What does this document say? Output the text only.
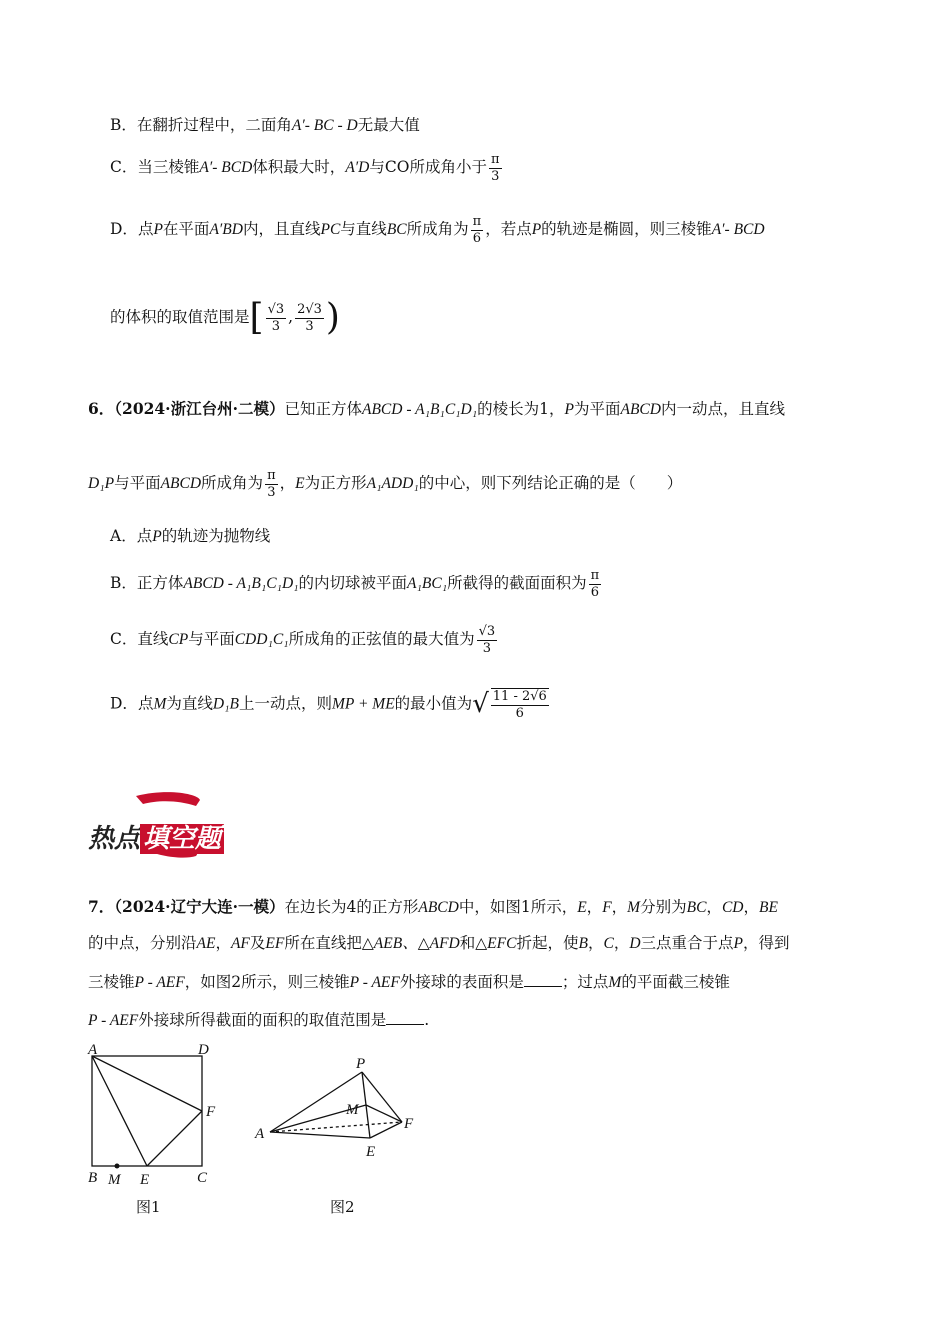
B．在翻折过程中，二面角A′- BC - D无最大值
C．当三棱锥A′- BCD体积最大时，A′D与CO所成角小于 $\frac{\pi}{3}$
D．点P在平面A′BD内，且直线PC与直线BC所成角为 $\frac{\pi}{6}$ ，若点P的轨迹是椭圆，则三棱锥A′- BCD
的体积的取值范围是[ $\frac{√3}{3}$ , $\frac{2√3}{3}$ )
6．（2024·浙江台州·二模）已知正方体ABCD - A₁B₁C₁D₁的棱长为1，P为平面ABCD内一动点，且直线
D₁P与平面ABCD所成角为 $\frac{\pi}{3}$ ，E为正方形A₁ADD₁的中心，则下列结论正确的是（　　）
A．点P的轨迹为抛物线
B．正方体ABCD - A₁B₁C₁D₁的内切球被平面A₁BC₁所截得的截面面积为 $\frac{\pi}{6}$
C．直线CP与平面CDD₁C₁所成角的正弦值的最大值为 $\frac{√3}{3}$
D．点M为直线D₁B上一动点，则MP + ME的最小值为√ $\frac{11 - 2√6}{6}$
热点 填空题
7．（2024·辽宁大连·一模）在边长为4的正方形ABCD中，如图1所示，E，F，M分别为BC，CD，BE
的中点，分别沿AE，AF及EF所在直线把△AEB、△AFD和△EFC折起，使B，C，D三点重合于点P，得到
三棱锥P - AEF，如图2所示，则三棱锥P - AEF外接球的表面积是 ；过点M的平面截三棱锥
P - AEF外接球所得截面的面积的取值范围是 .
A	D
F
B M E	C
图1
P
M
A
F
E
图2
